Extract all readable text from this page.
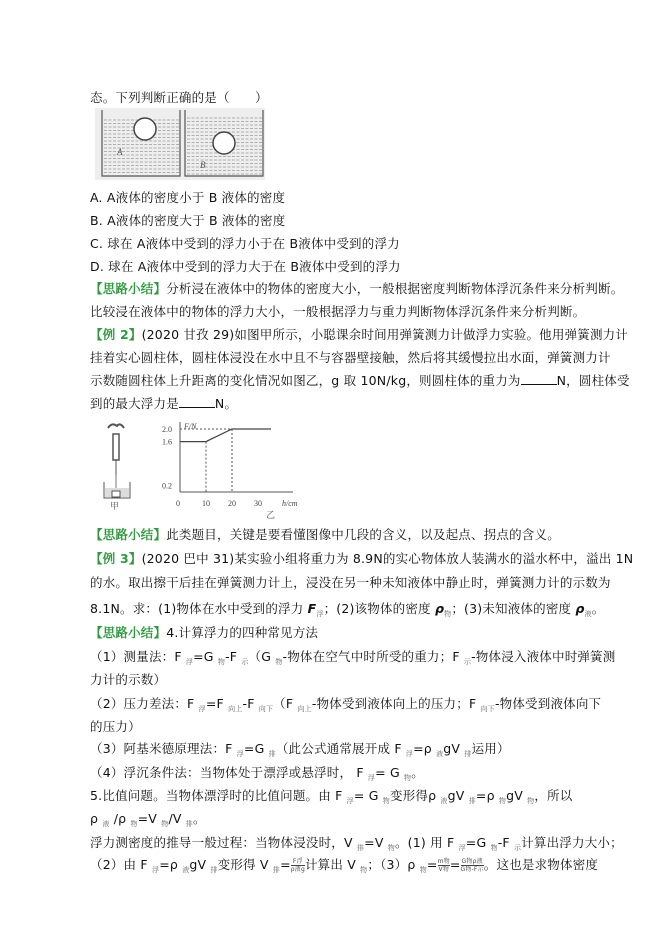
态。下列判断正确的是（　　）
A. A液体的密度小于 B 液体的密度
B. A液体的密度大于 B 液体的密度
C. 球在 A液体中受到的浮力小于在 B液体中受到的浮力
D. 球在 A液体中受到的浮力大于在 B液体中受到的浮力
【思路小结】分析浸在液体中的物体的密度大小，一般根据密度判断物体浮沉条件来分析判断。
比较浸在液体中的物体的浮力大小，一般根据浮力与重力判断物体浮沉条件来分析判断。
【例 2】(2020 甘孜 29)如图甲所示，小聪课余时间用弹簧测力计做浮力实验。他用弹簧测力计
挂着实心圆柱体，圆柱体浸没在水中且不与容器壁接触，然后将其缓慢拉出水面，弹簧测力计
示数随圆柱体上升距离的变化情况如图乙，g 取 10N/kg，则圆柱体的重力为	N，圆柱体受
到的最大浮力是	N。
【思路小结】此类题目，关键是要看懂图像中几段的含义，以及起点、拐点的含义。
【例 3】(2020 巴中 31)某实验小组将重力为 8.9N的实心物体放人装满水的溢水杯中，溢出 1N
的水。取出擦干后挂在弹簧测力计上，浸没在另一种未知液体中静止时，弹簧测力计的示数为
8.1N。求：(1)物体在水中受到的浮力 $F_浮$；(2)该物体的密度 $\rho_物$；(3)未知液体的密度 $\rho_液$。
【思路小结】4.计算浮力的四种常见方法
（1）测量法：F $_浮$=G $_物$-F $_示$（G $_物$-物体在空气中时所受的重力；F $_示$-物体浸入液体中时弹簧测
力计的示数）
（2）压力差法：F $_浮$=F $_{向上}$-F $_{向下}$（F $_{向上}$-物体受到液体向上的压力；F $_{向下}$-物体受到液体向下
的压力）
（3）阿基米德原理法：F $_浮$=G $_排$（此公式通常展开成 F $_浮$=ρ $_液$gV $_排$运用）
（4）浮沉条件法：当物体处于漂浮或悬浮时， F $_浮$= G $_物$。
5.比值问题。当物体漂浮时的比值问题。由 F $_浮$= G $_物$变形得ρ $_液$gV $_排$=ρ $_物$gV $_物$，所以
ρ $_液$ /ρ $_物$=V $_物$/V $_排$。
浮力测密度的推导一般过程：当物体浸没时，V $_排$=V $_物$。(1) 用 F $_浮$=G $_物$-F $_示$计算出浮力大小；
（2）由 F $_浮$=ρ $_液$gV $_排$变形得 V $_排= \frac{\text{F浮}}{\text{ρ液g}}$ 计算出 V $_物$；（3）ρ $_物= \frac{\text{m物}}{\text{V物}} = \frac{\text{G物ρ液}}{\text{G物-F示}}$ 。这也是求物体密度
A
B
甲
F/N
h/cm
乙
2.0
1.6
0.2
0	10 20 30
